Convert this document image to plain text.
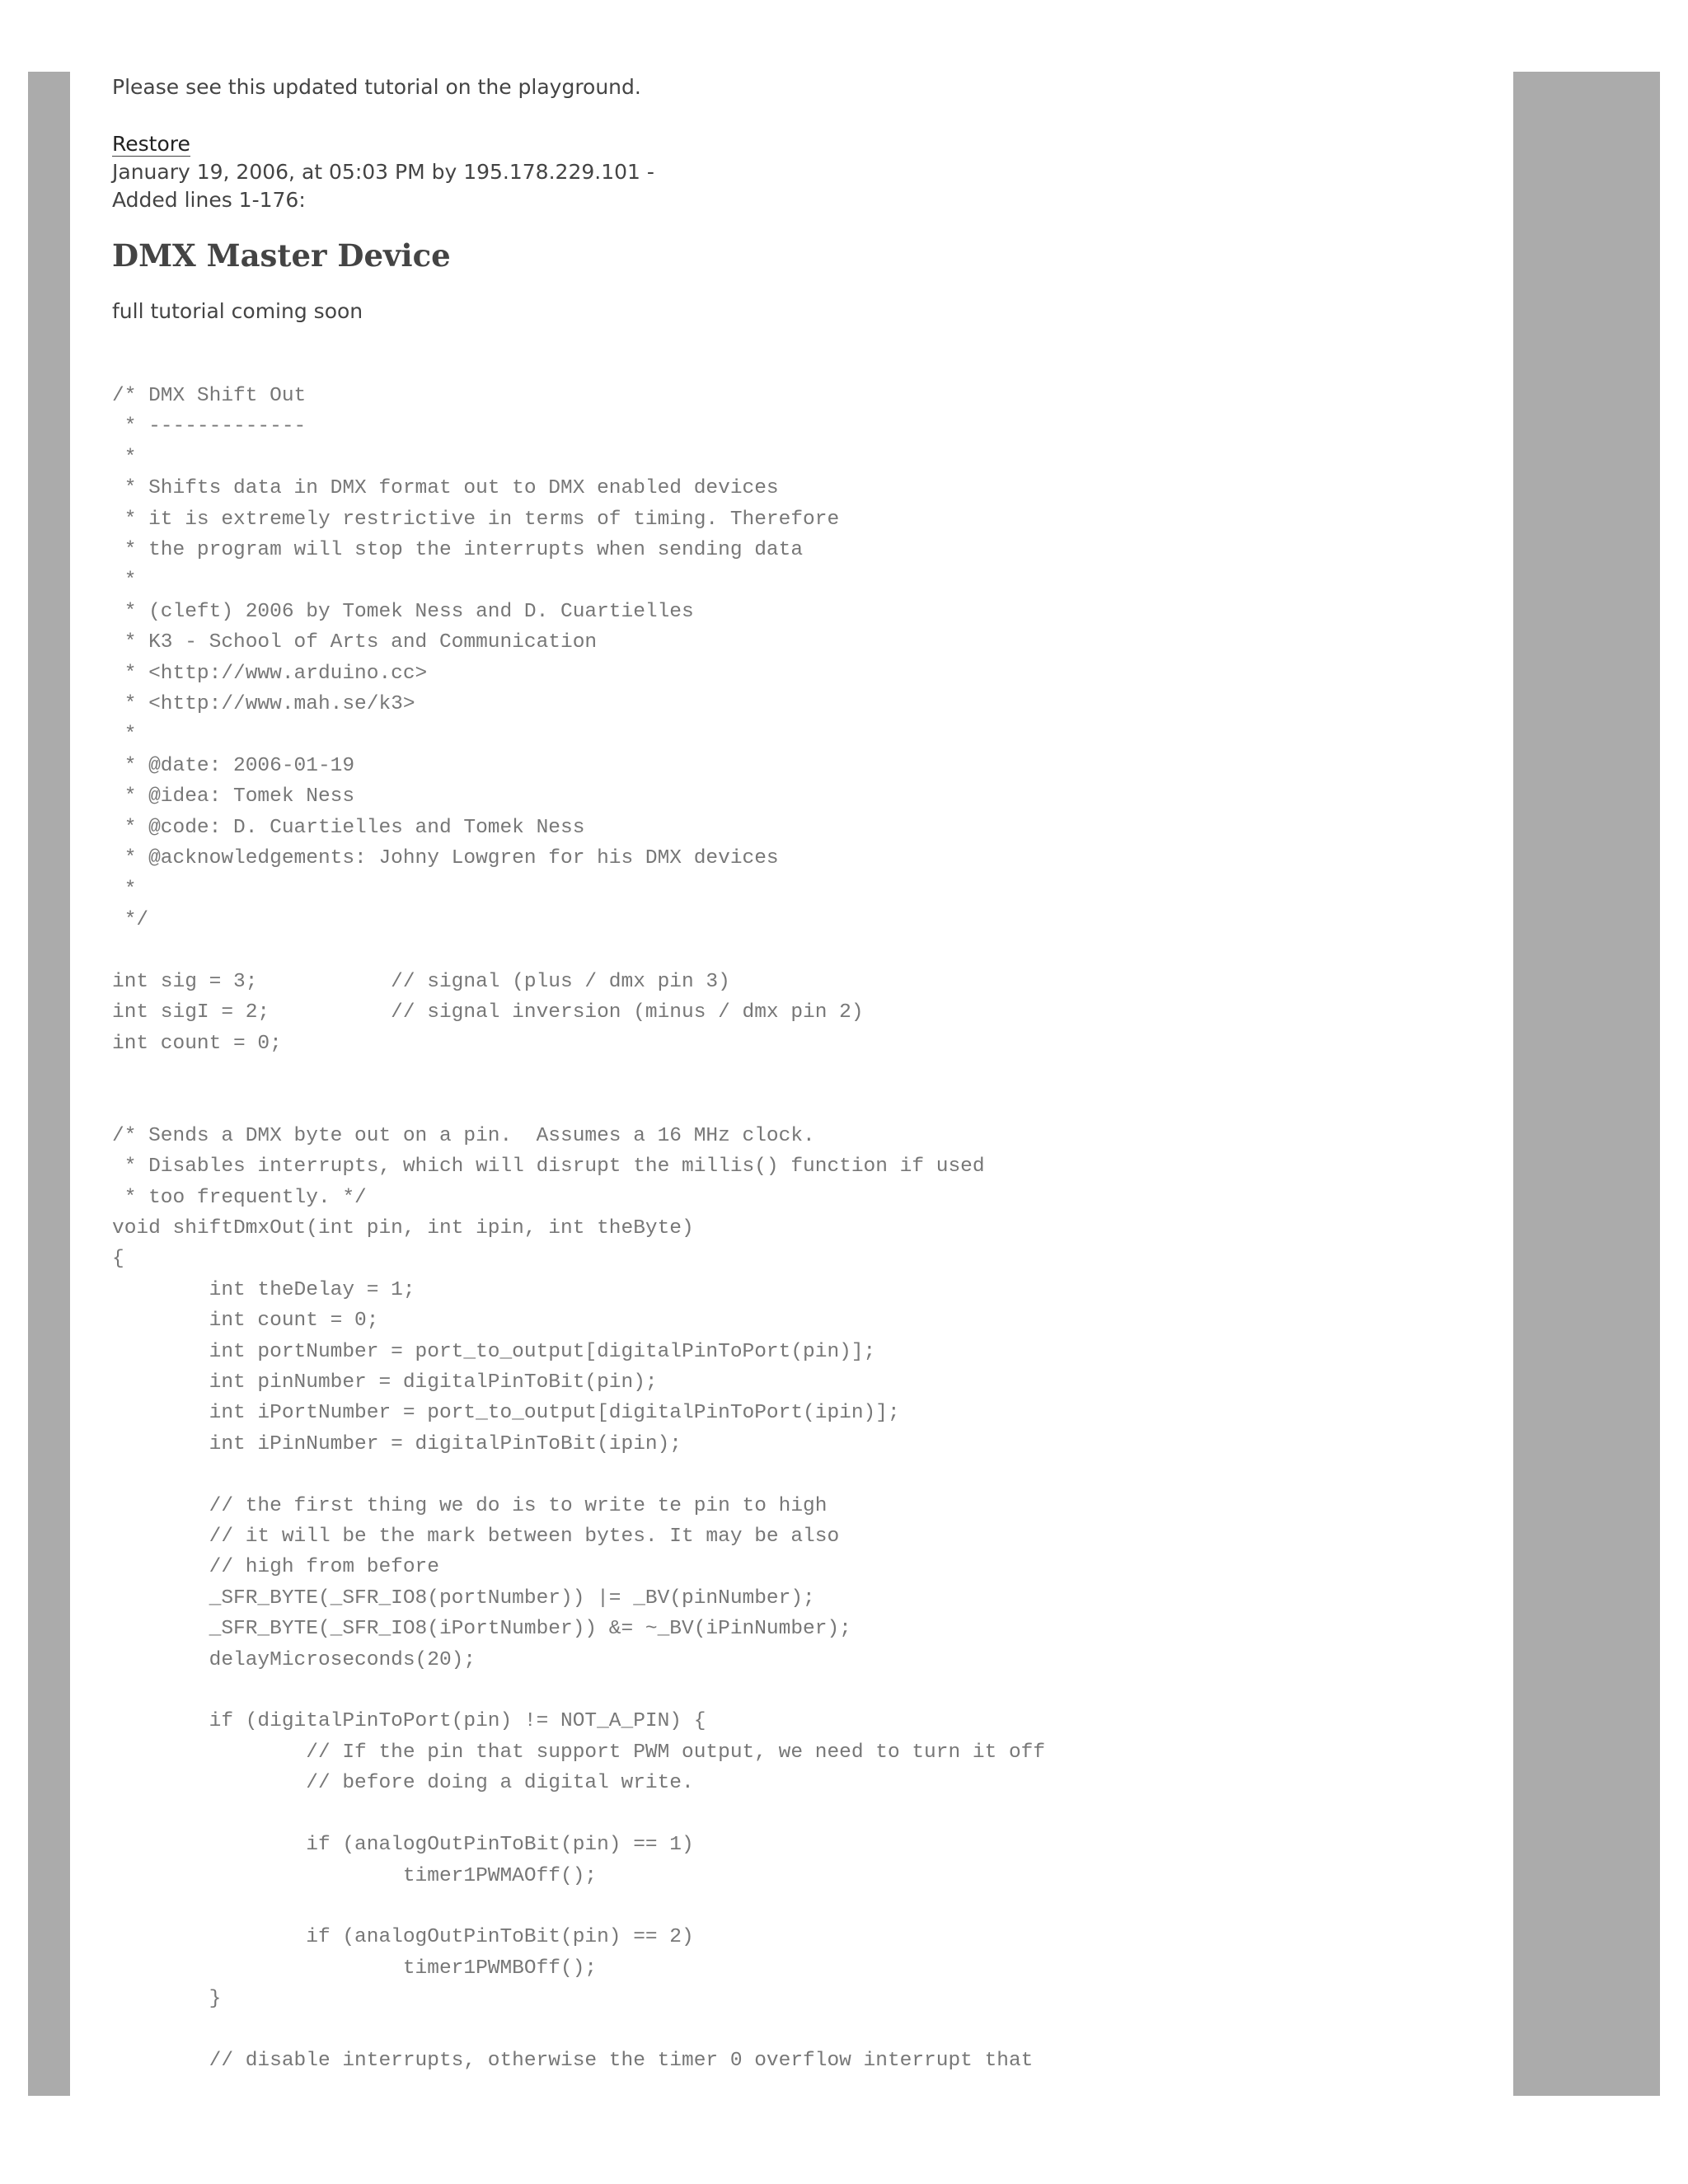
Please see this updated tutorial on the playground.

Restore
January 19, 2006, at 05:03 PM by 195.178.229.101 -
Added lines 1-176:
DMX Master Device

full tutorial coming soon

/* DMX Shift Out
* -------------
*
* Shifts data in DMX format out to DMX enabled devices
* it is extremely restrictive in terms of timing. Therefore
* the program will stop the interrupts when sending data
*
* (cleft) 2006 by Tomek Ness and D. Cuartielles
* K3 - School of Arts and Communication
* <http://www.arduino.cc>
* <http://www.mah.se/k3>
*
* @date: 2006-01-19
* @idea: Tomek Ness
* @code: D. Cuartielles and Tomek Ness
* @acknowledgements: Johny Lowgren for his DMX devices
*
*/

int sig = 3;           // signal (plus / dmx pin 3)
int sigI = 2;          // signal inversion (minus / dmx pin 2)
int count = 0;

/* Sends a DMX byte out on a pin.  Assumes a 16 MHz clock.
* Disables interrupts, which will disrupt the millis() function if used
* too frequently. */
void shiftDmxOut(int pin, int ipin, int theByte)
{
int theDelay = 1;
int count = 0;
int portNumber = port_to_output[digitalPinToPort(pin)];
int pinNumber = digitalPinToBit(pin);
int iPortNumber = port_to_output[digitalPinToPort(ipin)];
int iPinNumber = digitalPinToBit(ipin);

// the first thing we do is to write te pin to high
// it will be the mark between bytes. It may be also
// high from before
_SFR_BYTE(_SFR_IO8(portNumber)) |= _BV(pinNumber);
_SFR_BYTE(_SFR_IO8(iPortNumber)) &= ~_BV(iPinNumber);
delayMicroseconds(20);

if (digitalPinToPort(pin) != NOT_A_PIN) {
// If the pin that support PWM output, we need to turn it off
// before doing a digital write.

if (analogOutPinToBit(pin) == 1)
timer1PWMAOff();

if (analogOutPinToBit(pin) == 2)
timer1PWMBOff();
}

// disable interrupts, otherwise the timer 0 overflow interrupt that
